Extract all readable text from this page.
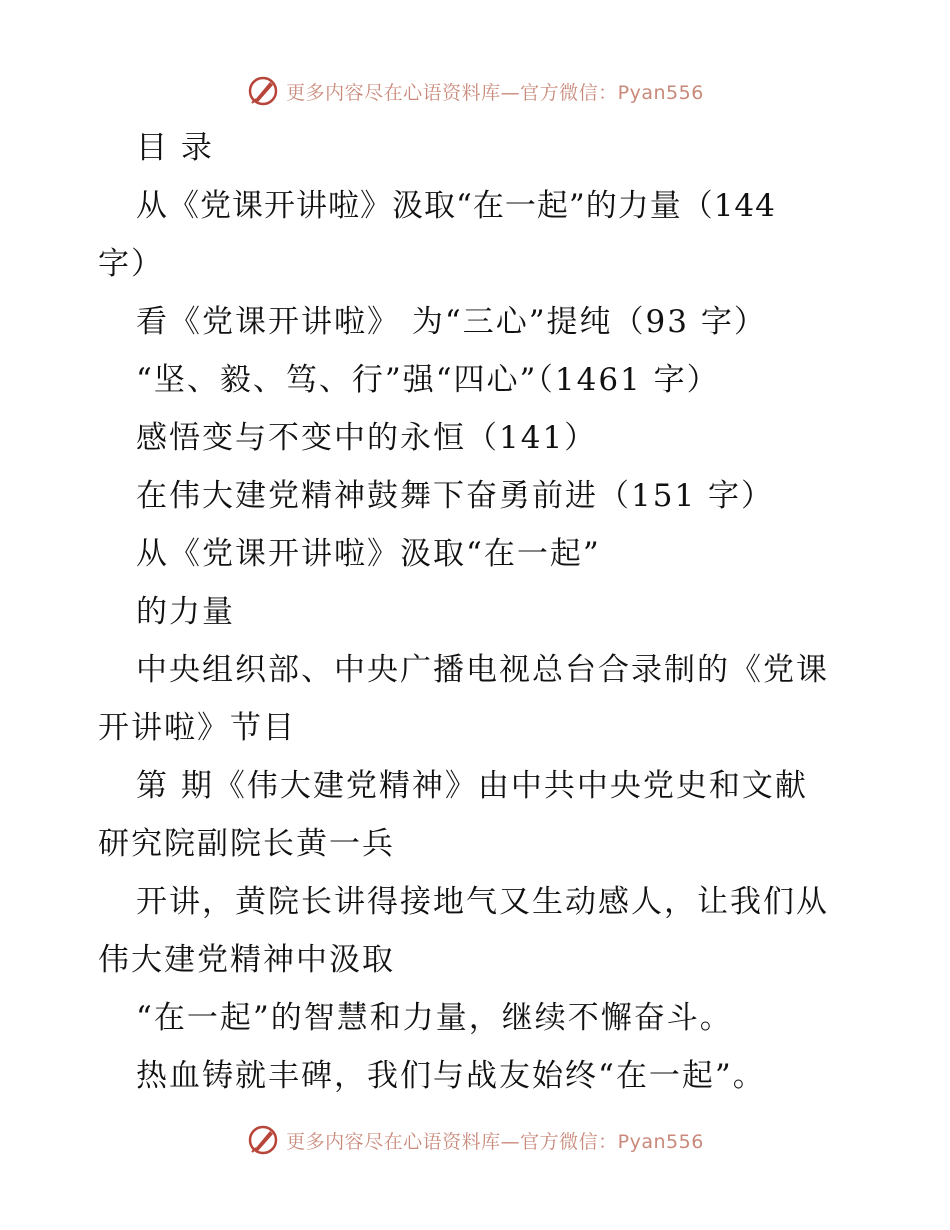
更多内容尽在心语资料库—官方微信：Pyan556
目 录
从《党课开讲啦》汲取“在一起”的力量（144
字）
看《党课开讲啦》 为“三心”提纯（93 字）
“坚、毅、笃、行”强“四心”（1461 字）
感悟变与不变中的永恒（141）
在伟大建党精神鼓舞下奋勇前进（151 字）
从《党课开讲啦》汲取“在一起”
的力量
中央组织部、中央广播电视总台合录制的《党课
开讲啦》节目
第 期《伟大建党精神》由中共中央党史和文献
研究院副院长黄一兵
开讲，黄院长讲得接地气又生动感人，让我们从
伟大建党精神中汲取
“在一起”的智慧和力量，继续不懈奋斗。
热血铸就丰碑，我们与战友始终“在一起”。
更多内容尽在心语资料库—官方微信：Pyan556
